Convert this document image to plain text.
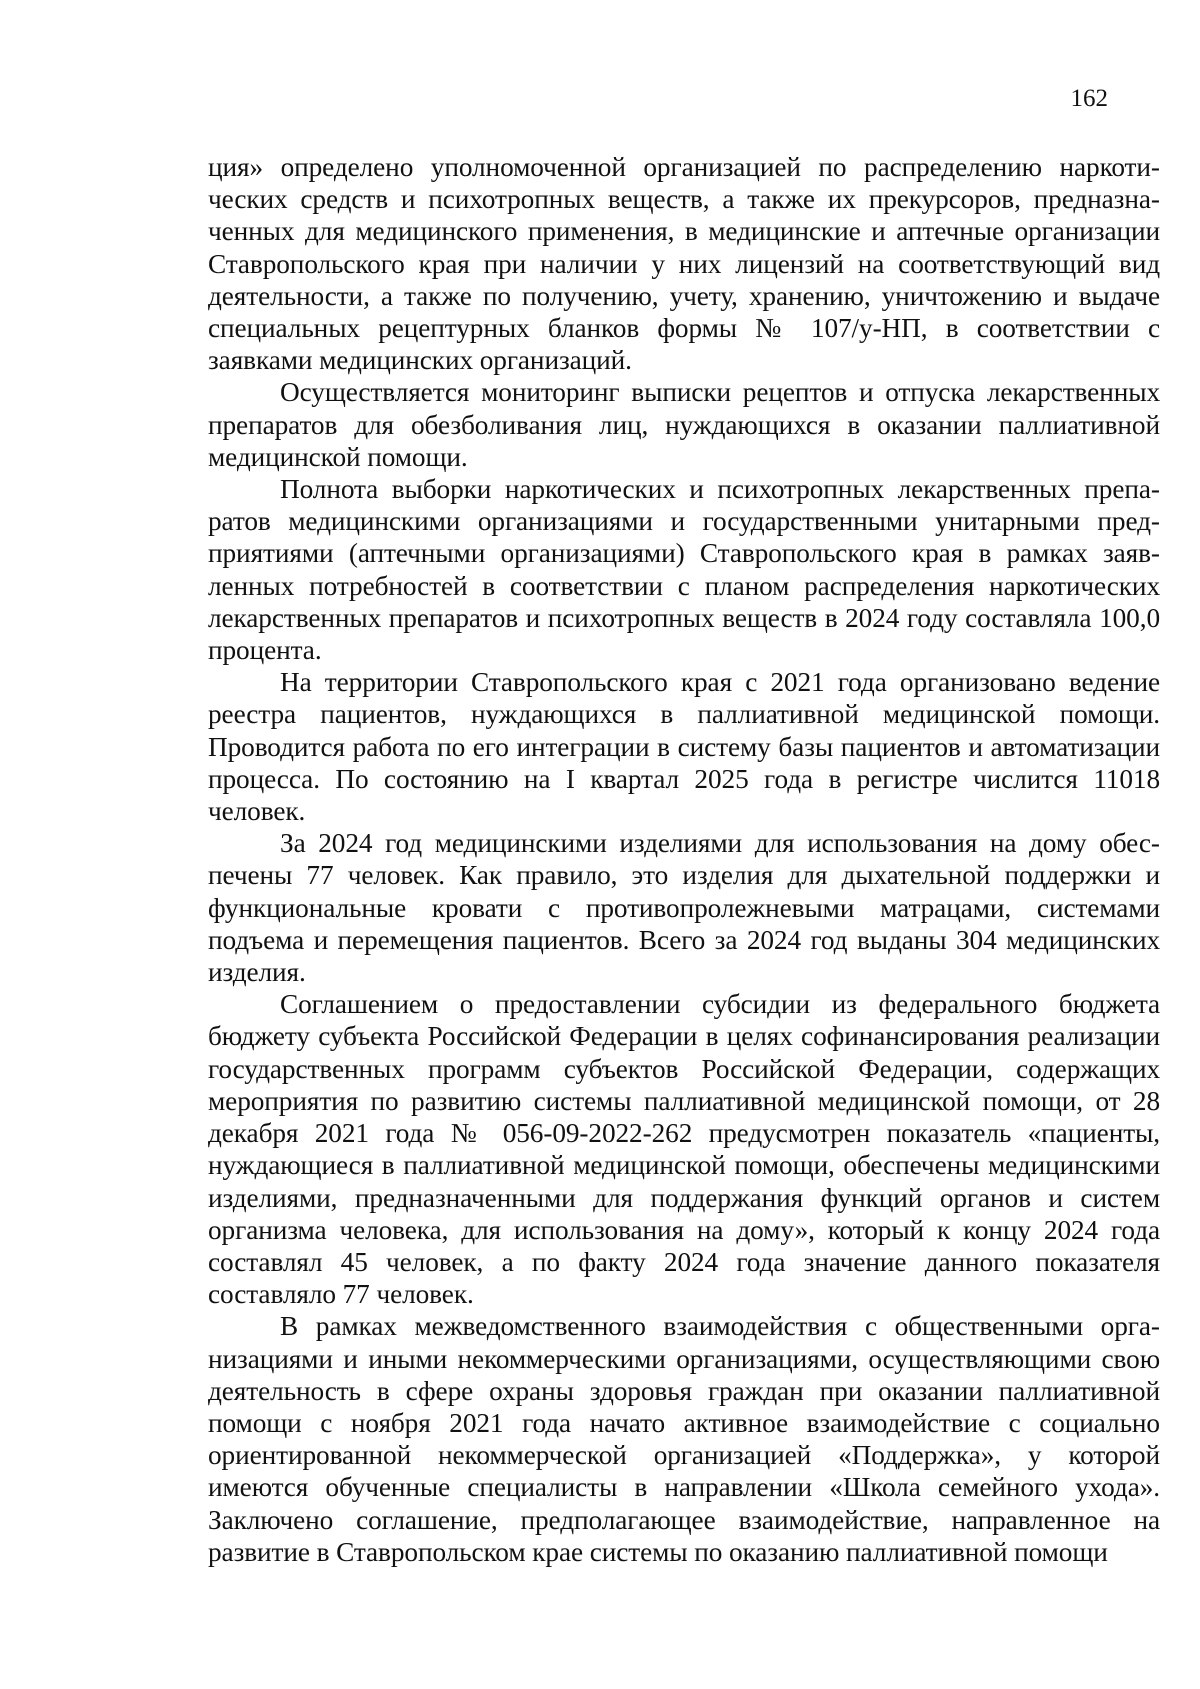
162

ция» определено уполномоченной организацией по распределению наркотических средств и психотропных веществ, а также их прекурсоров, предназначенных для медицинского применения, в медицинские и аптечные организации Ставропольского края при наличии у них лицензий на соответствующий вид деятельности, а также по получению, учету, хранению, уничтожению и выдаче специальных рецептурных бланков формы № 107/у-НП, в соответствии с заявками медицинских организаций.

Осуществляется мониторинг выписки рецептов и отпуска лекарственных препаратов для обезболивания лиц, нуждающихся в оказании паллиативной медицинской помощи.

Полнота выборки наркотических и психотропных лекарственных препаратов медицинскими организациями и государственными унитарными предприятиями (аптечными организациями) Ставропольского края в рамках заявленных потребностей в соответствии с планом распределения наркотических лекарственных препаратов и психотропных веществ в 2024 году составляла 100,0 процента.

На территории Ставропольского края с 2021 года организовано ведение реестра пациентов, нуждающихся в паллиативной медицинской помощи. Проводится работа по его интеграции в систему базы пациентов и автоматизации процесса. По состоянию на I квартал 2025 года в регистре числится 11018 человек.

За 2024 год медицинскими изделиями для использования на дому обеспечены 77 человек. Как правило, это изделия для дыхательной поддержки и функциональные кровати с противопролежневыми матрацами, системами подъема и перемещения пациентов. Всего за 2024 год выданы 304 медицинских изделия.

Соглашением о предоставлении субсидии из федерального бюджета бюджету субъекта Российской Федерации в целях софинансирования реализации государственных программ субъектов Российской Федерации, содержащих мероприятия по развитию системы паллиативной медицинской помощи, от 28 декабря 2021 года № 056-09-2022-262 предусмотрен показатель «пациенты, нуждающиеся в паллиативной медицинской помощи, обеспечены медицинскими изделиями, предназначенными для поддержания функций органов и систем организма человека, для использования на дому», который к концу 2024 года составлял 45 человек, а по факту 2024 года значение данного показателя составляло 77 человек.

В рамках межведомственного взаимодействия с общественными организациями и иными некоммерческими организациями, осуществляющими свою деятельность в сфере охраны здоровья граждан при оказании паллиативной помощи с ноября 2021 года начато активное взаимодействие с социально ориентированной некоммерческой организацией «Поддержка», у которой имеются обученные специалисты в направлении «Школа семейного ухода». Заключено соглашение, предполагающее взаимодействие, направленное на развитие в Ставропольском крае системы по оказанию паллиативной помощи
